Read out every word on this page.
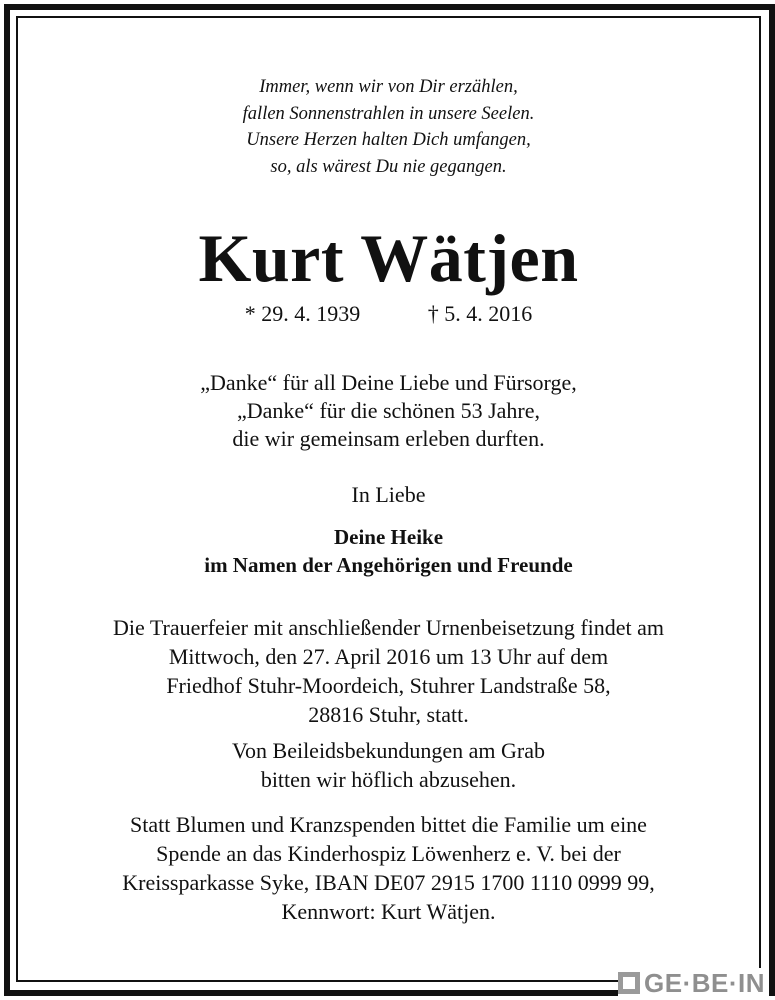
Immer, wenn wir von Dir erzählen,
fallen Sonnenstrahlen in unsere Seelen.
Unsere Herzen halten Dich umfangen,
so, als wärest Du nie gegangen.
Kurt Wätjen
* 29. 4. 1939	† 5. 4. 2016
„Danke“ für all Deine Liebe und Fürsorge,
„Danke“ für die schönen 53 Jahre,
die wir gemeinsam erleben durften.
In Liebe
Deine Heike
im Namen der Angehörigen und Freunde
Die Trauerfeier mit anschließender Urnenbeisetzung findet am
Mittwoch, den 27. April 2016 um 13 Uhr auf dem
Friedhof Stuhr-Moordeich, Stuhrer Landstraße 58,
28816 Stuhr, statt.
Von Beileidsbekundungen am Grab
bitten wir höflich abzusehen.
Statt Blumen und Kranzspenden bittet die Familie um eine
Spende an das Kinderhospiz Löwenherz e. V. bei der
Kreissparkasse Syke, IBAN DE07 2915 1700 1110 0999 99,
Kennwort: Kurt Wätjen.
GE·BE·IN
